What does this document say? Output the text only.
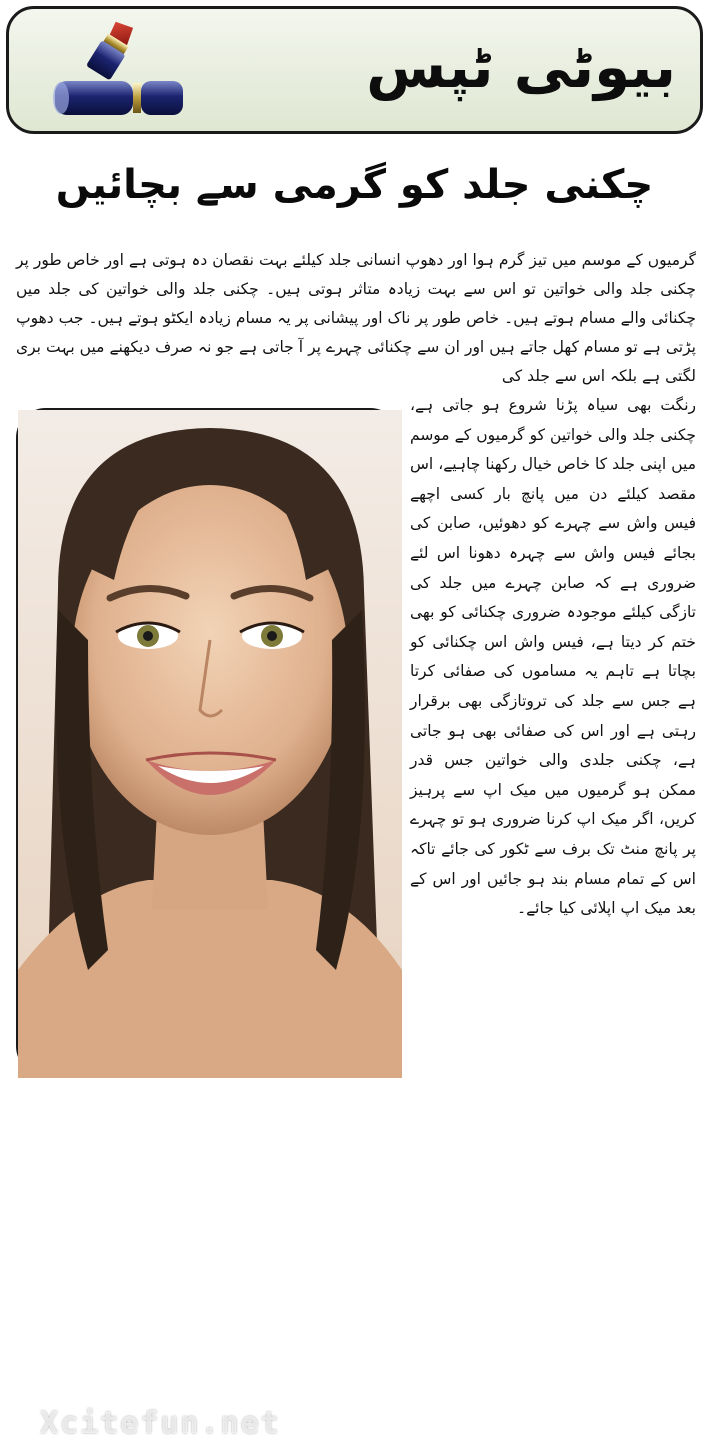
بیوٹی ٹپس
چکنی جلد کو گرمی سے بچائیں
گرمیوں کے موسم میں تیز گرم ہوا اور دھوپ انسانی جلد کیلئے بہت نقصان دہ ہوتی ہے اور خاص طور پر چکنی جلد والی خواتین تو اس سے بہت زیادہ متاثر ہوتی ہیں۔ چکنی جلد والی خواتین کی جلد میں چکنائی والے مسام ہوتے ہیں۔ خاص طور پر ناک اور پیشانی پر یہ مسام زیادہ ایکٹو ہوتے ہیں۔ جب دھوپ پڑتی ہے تو مسام کھل جاتے ہیں اور ان سے چکنائی چہرے پر آ جاتی ہے جو نہ صرف دیکھنے میں بہت بری لگتی ہے بلکہ اس سے جلد کی
Xcitefun.net
رنگت بھی سیاہ پڑنا شروع ہو جاتی ہے، چکنی جلد والی خواتین کو گرمیوں کے موسم میں اپنی جلد کا خاص خیال رکھنا چاہیے، اس مقصد کیلئے دن میں پانچ بار کسی اچھے فیس واش سے چہرے کو دھوئیں، صابن کی بجائے فیس واش سے چہرہ دھونا اس لئے ضروری ہے کہ صابن چہرے میں جلد کی تازگی کیلئے موجودہ ضروری چکنائی کو بھی ختم کر دیتا ہے، فیس واش اس چکنائی کو بچاتا ہے تاہم یہ مساموں کی صفائی کرتا ہے جس سے جلد کی تروتازگی بھی برقرار رہتی ہے اور اس کی صفائی بھی ہو جاتی ہے، چکنی جلدی والی خواتین جس قدر ممکن ہو گرمیوں میں میک اپ سے پرہیز کریں، اگر میک اپ کرنا ضروری ہو تو چہرے پر پانچ منٹ تک برف سے ٹکور کی جائے تاکہ اس کے تمام مسام بند ہو جائیں اور اس کے بعد میک اپ اپلائی کیا جائے۔
